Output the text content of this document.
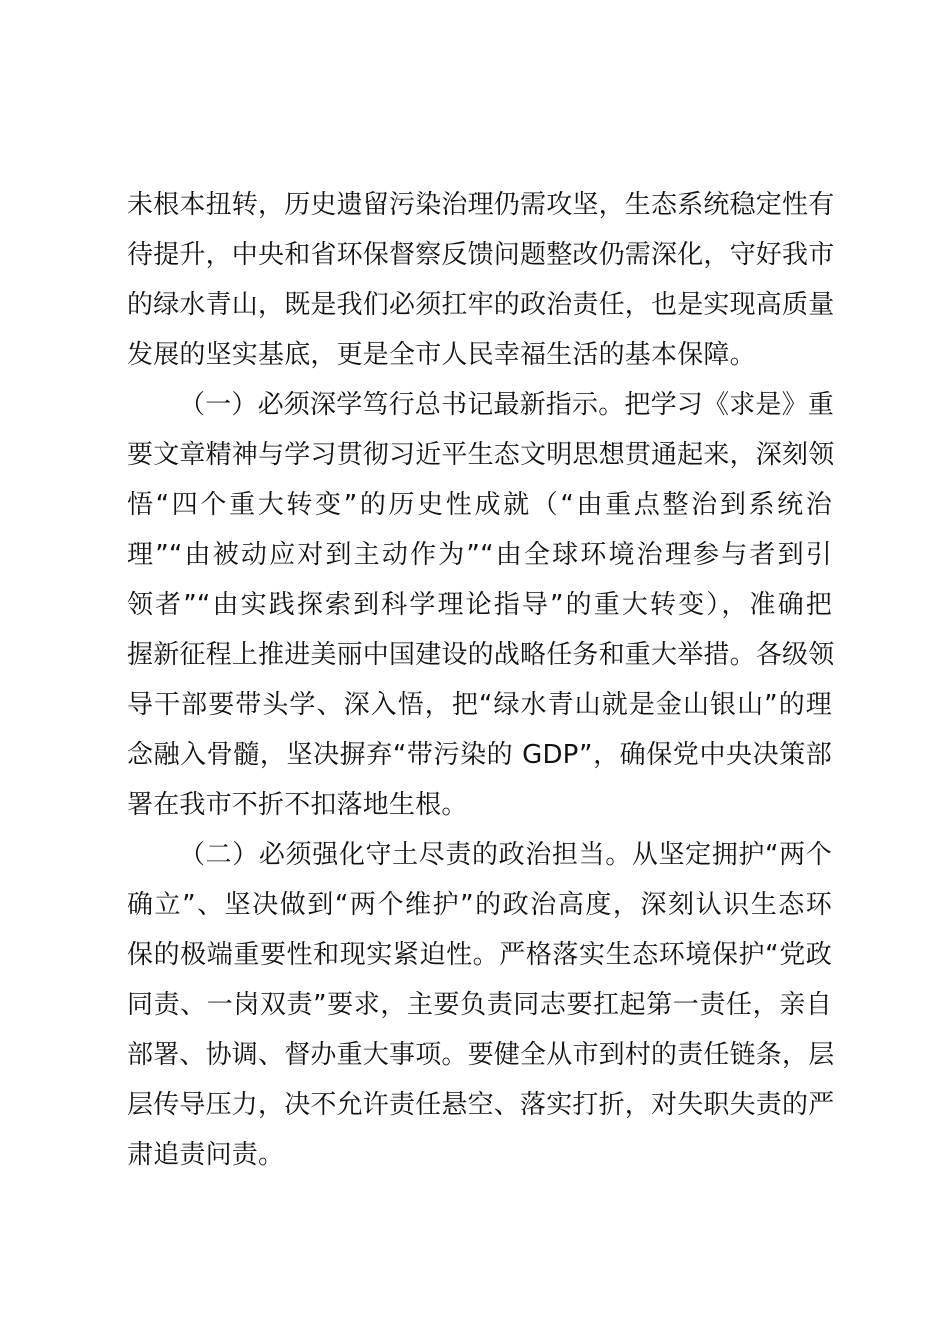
未根本扭转，历史遗留污染治理仍需攻坚，生态系统稳定性有
待提升，中央和省环保督察反馈问题整改仍需深化，守好我市
的绿水青山，既是我们必须扛牢的政治责任，也是实现高质量
发展的坚实基底，更是全市人民幸福生活的基本保障。
（一）必须深学笃行总书记最新指示。把学习《求是》重
要文章精神与学习贯彻习近平生态文明思想贯通起来，深刻领
悟“四个重大转变”的历史性成就（“由重点整治到系统治
理”“由被动应对到主动作为”“由全球环境治理参与者到引
领者”“由实践探索到科学理论指导”的重大转变），准确把
握新征程上推进美丽中国建设的战略任务和重大举措。各级领
导干部要带头学、深入悟，把“绿水青山就是金山银山”的理
念融入骨髓，坚决摒弃“带污染的 GDP”，确保党中央决策部
署在我市不折不扣落地生根。
（二）必须强化守土尽责的政治担当。从坚定拥护“两个
确立”、坚决做到“两个维护”的政治高度，深刻认识生态环
保的极端重要性和现实紧迫性。严格落实生态环境保护“党政
同责、一岗双责”要求，主要负责同志要扛起第一责任，亲自
部署、协调、督办重大事项。要健全从市到村的责任链条，层
层传导压力，决不允许责任悬空、落实打折，对失职失责的严
肃追责问责。
